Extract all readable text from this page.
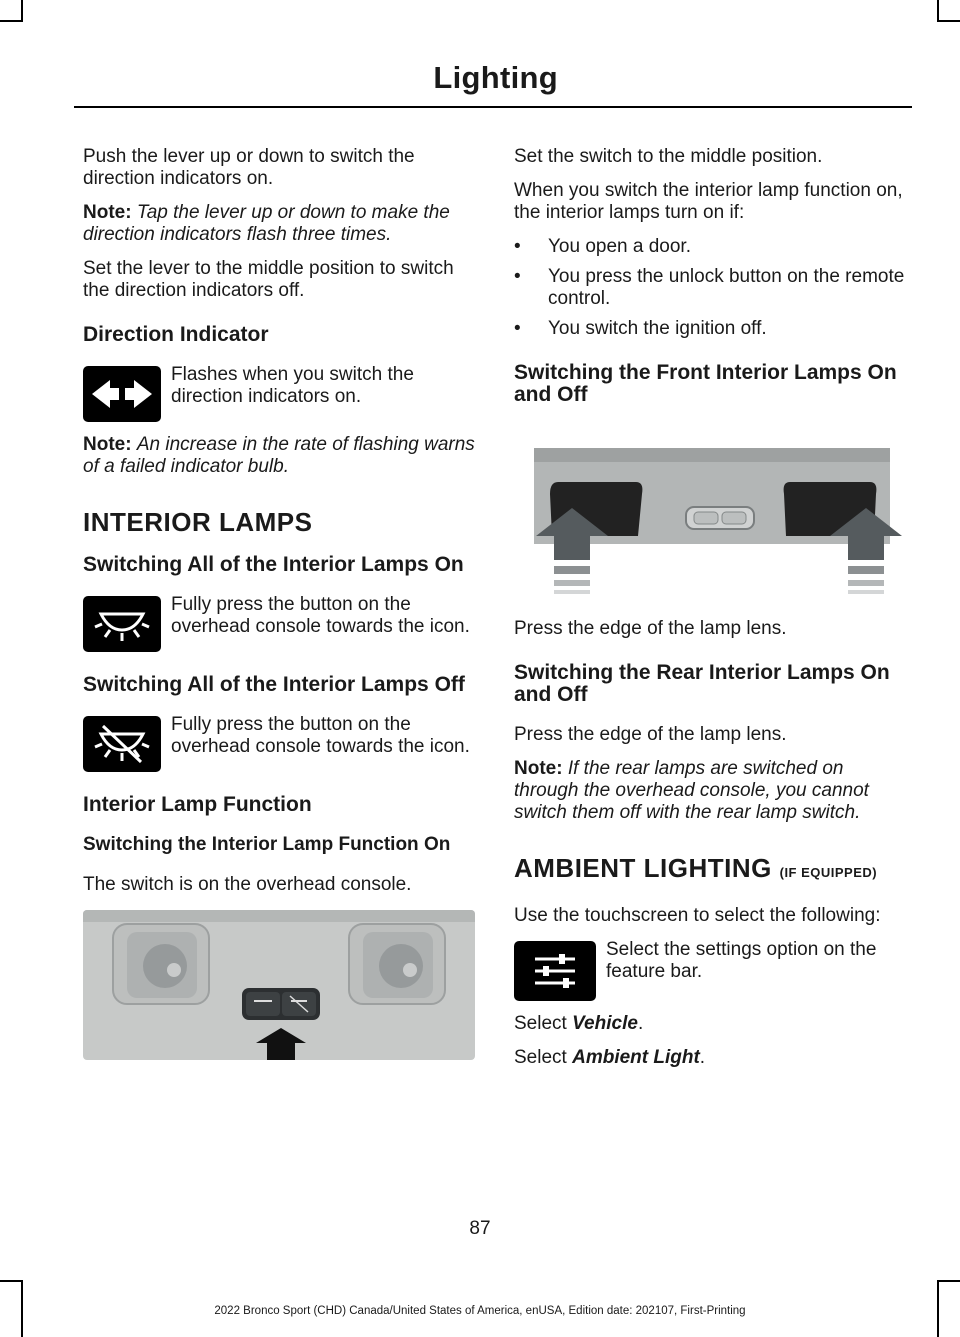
Lighting

Push the lever up or down to switch the direction indicators on.

Note: Tap the lever up or down to make the direction indicators flash three times.

Set the lever to the middle position to switch the direction indicators off.

Direction Indicator

Flashes when you switch the direction indicators on.

Note: An increase in the rate of flashing warns of a failed indicator bulb.

INTERIOR LAMPS
Switching All of the Interior Lamps On

Fully press the button on the overhead console towards the icon.

Switching All of the Interior Lamps Off

Fully press the button on the overhead console towards the icon.

Interior Lamp Function
Switching the Interior Lamp Function On

The switch is on the overhead console.

Set the switch to the middle position.

When you switch the interior lamp function on, the interior lamps turn on if:

• You open a door.
• You press the unlock button on the remote control.
• You switch the ignition off.
Switching the Front Interior Lamps On and Off

Press the edge of the lamp lens.

Switching the Rear Interior Lamps On and Off

Press the edge of the lamp lens.

Note: If the rear lamps are switched on through the overhead console, you cannot switch them off with the rear lamp switch.

AMBIENT LIGHTING (IF EQUIPPED)

Use the touchscreen to select the following:

Select the settings option on the feature bar.

Select Vehicle.

Select Ambient Light.

87

2022 Bronco Sport (CHD) Canada/United States of America, enUSA, Edition date: 202107, First-Printing
